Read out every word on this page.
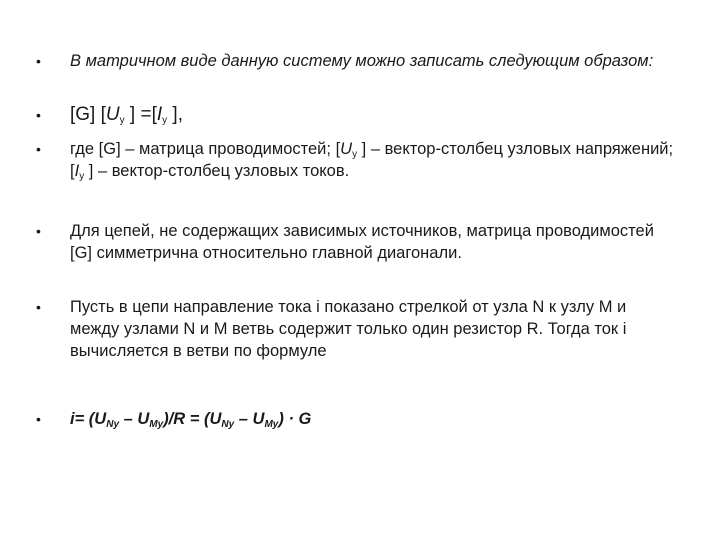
•	В матричном виде данную систему можно записать следующим образом:
•	[G] [$U_y$ ] $=[I_y$ ],
•	где [G] – матрица проводимостей; [$U_y$ ] – вектор-столбец узловых напряжений; [$I_y$ ] – вектор-столбец узловых токов.
•	Для цепей, не содержащих зависимых источников, матрица проводимостей [G] симметрична относительно главной диагонали.
•	Пусть в цепи направление тока i показано стрелкой от узла N к узлу M и между узлами N и M ветвь содержит только один резистор R. Тогда ток i вычисляется в ветви по формуле
•	$i= (U_{Ny} - U_{My})/R = (U_{Ny} - U_{My}) \cdot G$
